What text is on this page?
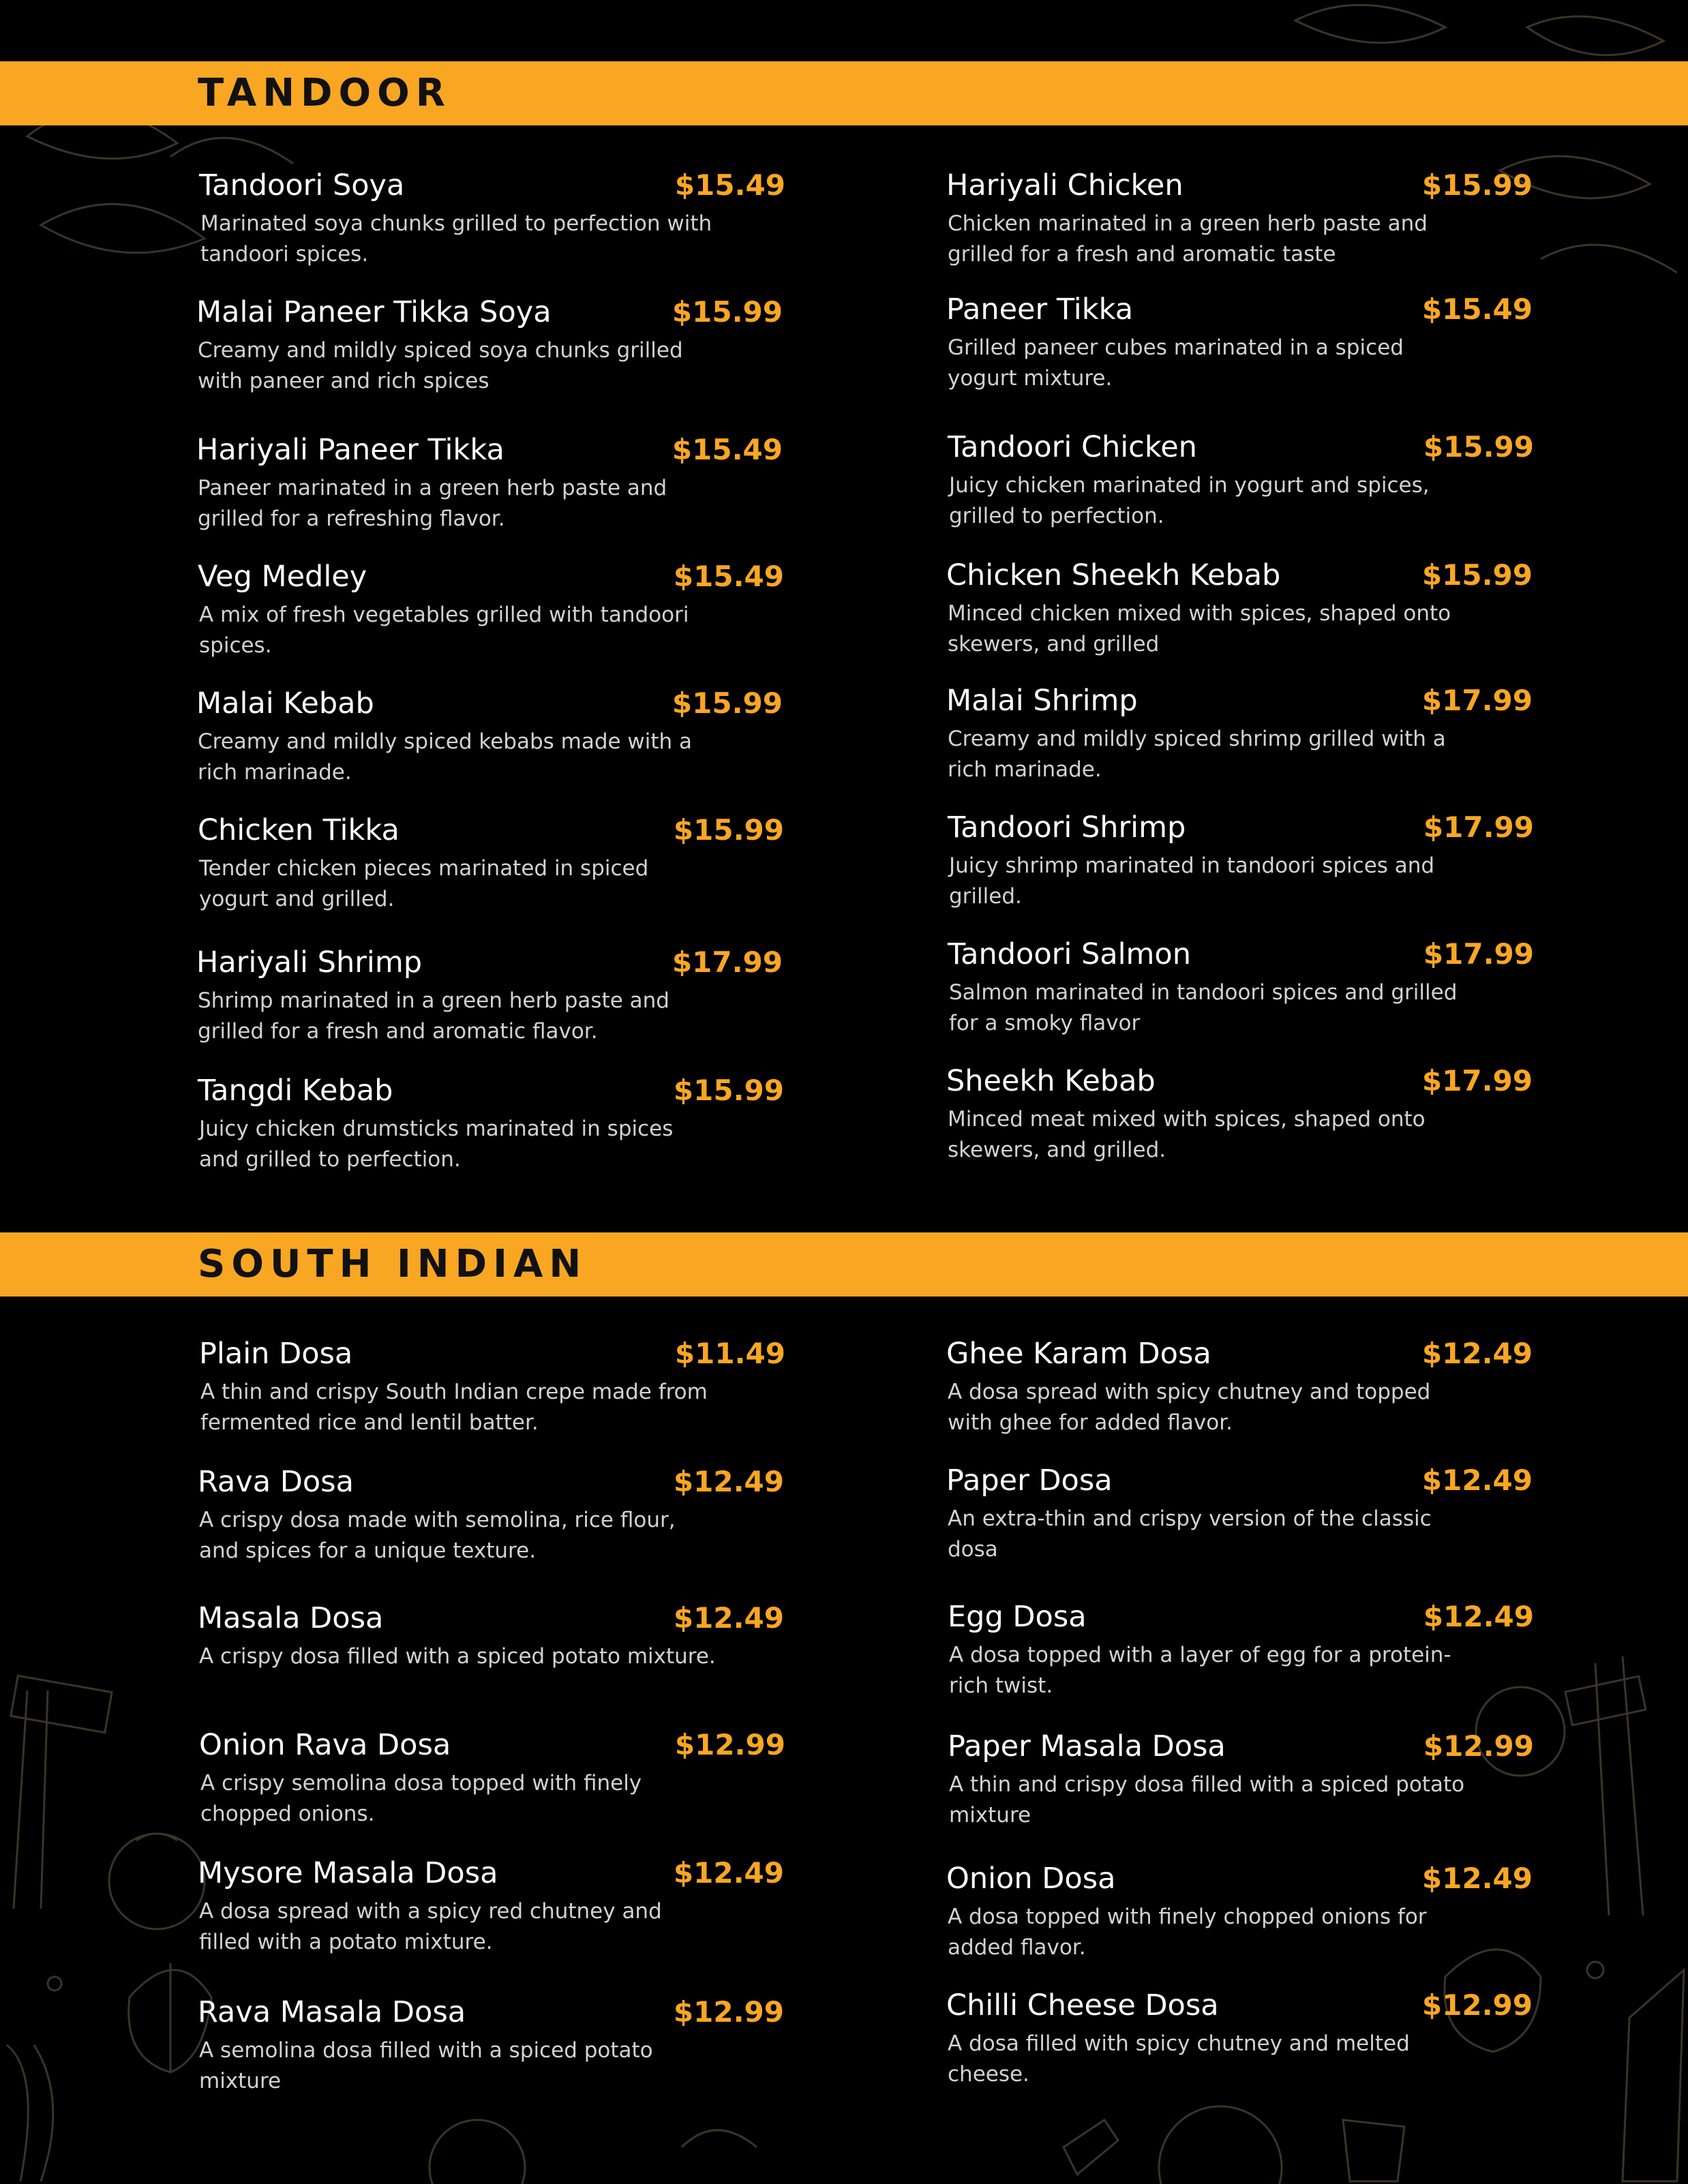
TANDOOR
SOUTH INDIAN
Tandoori Soya	$15.49
Marinated soya chunks grilled to perfection with tandoori spices.
Malai Paneer Tikka Soya	$15.99
Creamy and mildly spiced soya chunks grilled with paneer and rich spices
Hariyali Paneer Tikka	$15.49
Paneer marinated in a green herb paste and grilled for a refreshing flavor.
Veg Medley	$15.49
A mix of fresh vegetables grilled with tandoori spices.
Malai Kebab	$15.99
Creamy and mildly spiced kebabs made with a rich marinade.
Chicken Tikka	$15.99
Tender chicken pieces marinated in spiced yogurt and grilled.
Hariyali Shrimp	$17.99
Shrimp marinated in a green herb paste and grilled for a fresh and aromatic flavor.
Tangdi Kebab	$15.99
Juicy chicken drumsticks marinated in spices and grilled to perfection.
Hariyali Chicken	$15.99
Chicken marinated in a green herb paste and grilled for a fresh and aromatic taste
Paneer Tikka	$15.49
Grilled paneer cubes marinated in a spiced yogurt mixture.
Tandoori Chicken	$15.99
Juicy chicken marinated in yogurt and spices, grilled to perfection.
Chicken Sheekh Kebab	$15.99
Minced chicken mixed with spices, shaped onto skewers, and grilled
Malai Shrimp	$17.99
Creamy and mildly spiced shrimp grilled with a rich marinade.
Tandoori Shrimp	$17.99
Juicy shrimp marinated in tandoori spices and grilled.
Tandoori Salmon	$17.99
Salmon marinated in tandoori spices and grilled for a smoky flavor
Sheekh Kebab	$17.99
Minced meat mixed with spices, shaped onto skewers, and grilled.
Plain Dosa	$11.49
A thin and crispy South Indian crepe made from fermented rice and lentil batter.
Rava Dosa	$12.49
A crispy dosa made with semolina, rice flour, and spices for a unique texture.
Masala Dosa	$12.49
A crispy dosa filled with a spiced potato mixture.
Onion Rava Dosa	$12.99
A crispy semolina dosa topped with finely chopped onions.
Mysore Masala Dosa	$12.49
A dosa spread with a spicy red chutney and filled with a potato mixture.
Rava Masala Dosa	$12.99
A semolina dosa filled with a spiced potato mixture
Ghee Karam Dosa	$12.49
A dosa spread with spicy chutney and topped with ghee for added flavor.
Paper Dosa	$12.49
An extra-thin and crispy version of the classic dosa
Egg Dosa	$12.49
A dosa topped with a layer of egg for a protein-rich twist.
Paper Masala Dosa	$12.99
A thin and crispy dosa filled with a spiced potato mixture
Onion Dosa	$12.49
A dosa topped with finely chopped onions for added flavor.
Chilli Cheese Dosa	$12.99
A dosa filled with spicy chutney and melted cheese.
